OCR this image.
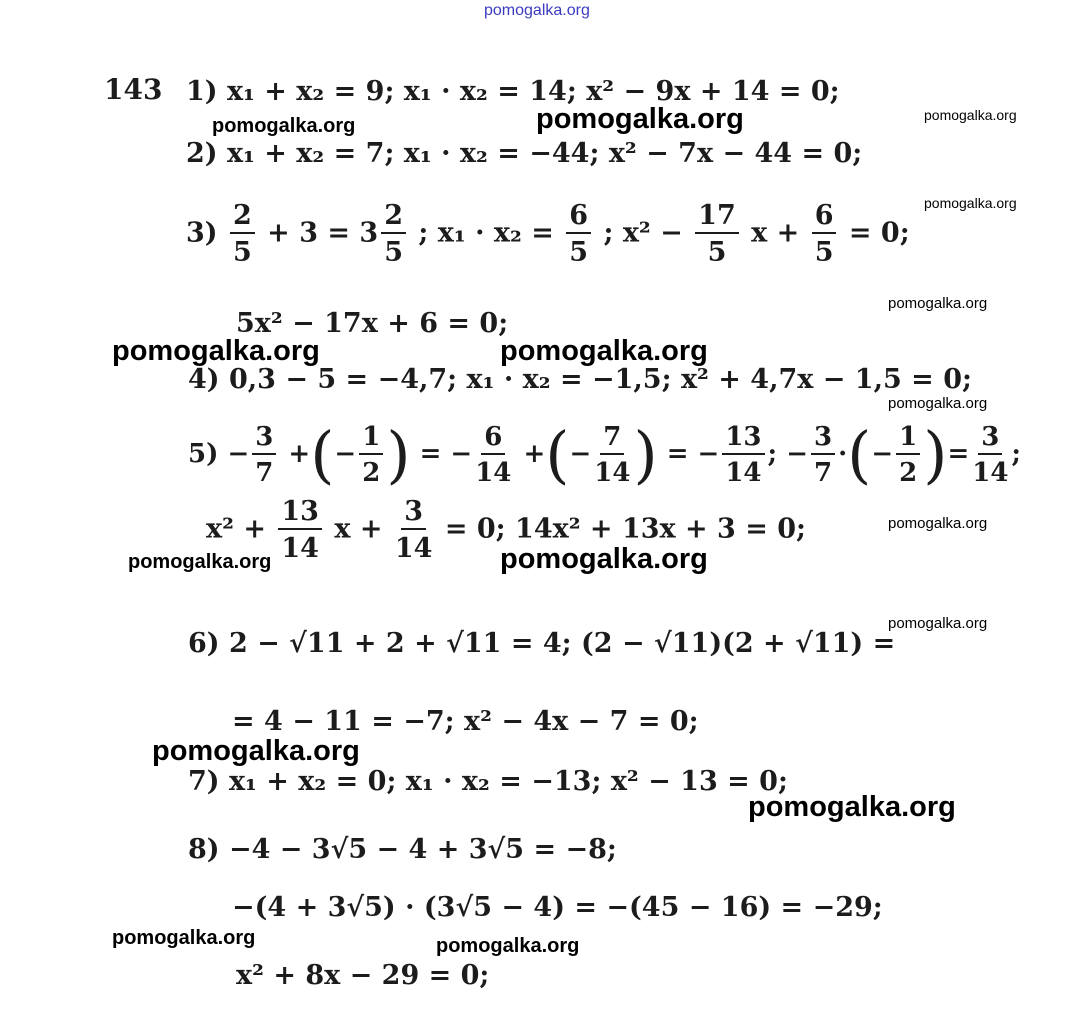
pomogalka.org
143 1) x₁ + x₂ = 9; x₁ · x₂ = 14; x² − 9x + 14 = 0;
2) x₁ + x₂ = 7; x₁ · x₂ = −44; x² − 7x − 44 = 0;
$3) \frac{2}{5} + 3 = 3 \frac{2}{5}$ ; $x_1 \cdot x_2 = \frac{6}{5}$ ; $x^2 - \frac{17}{5}$ $x + \frac{6}{5} = 0$;
5x² − 17x + 6 = 0;
4) 0,3 − 5 = −4,7; x₁ · x₂ = −1,5; x² + 4,7x − 1,5 = 0;
$5) - \frac{3}{7}$ +(− $\frac{1}{2}$ ) = − $\frac{6}{14}$ +(− $\frac{7}{14}$ ) = − $\frac{13}{14}$ ; − $\frac{3}{7}$ ·(− $\frac{1}{2}$ )= $\frac{3}{14}$ ;
$x^2 + \frac{13}{14}$ $x + \frac{3}{14} = 0$; 14x² + 13x + 3 = 0;
6) 2 − √11 + 2 + √11 = 4; (2 − √11)(2 + √11) =
= 4 − 11 = −7; x² − 4x − 7 = 0;
7) x₁ + x₂ = 0; x₁ · x₂ = −13; x² − 13 = 0;
8) −4 − 3√5 − 4 + 3√5 = −8;
−(4 + 3√5) · (3√5 − 4) = −(45 − 16) = −29;
x² + 8x − 29 = 0;
pomogalka.org	pomogalka.org	pomogalka.org
pomogalka.org
pomogalka.org
pomogalka.org	pomogalka.org
pomogalka.org
pomogalka.org
pomogalka.org	pomogalka.org
pomogalka.org
pomogalka.org
pomogalka.org
pomogalka.org	pomogalka.org
